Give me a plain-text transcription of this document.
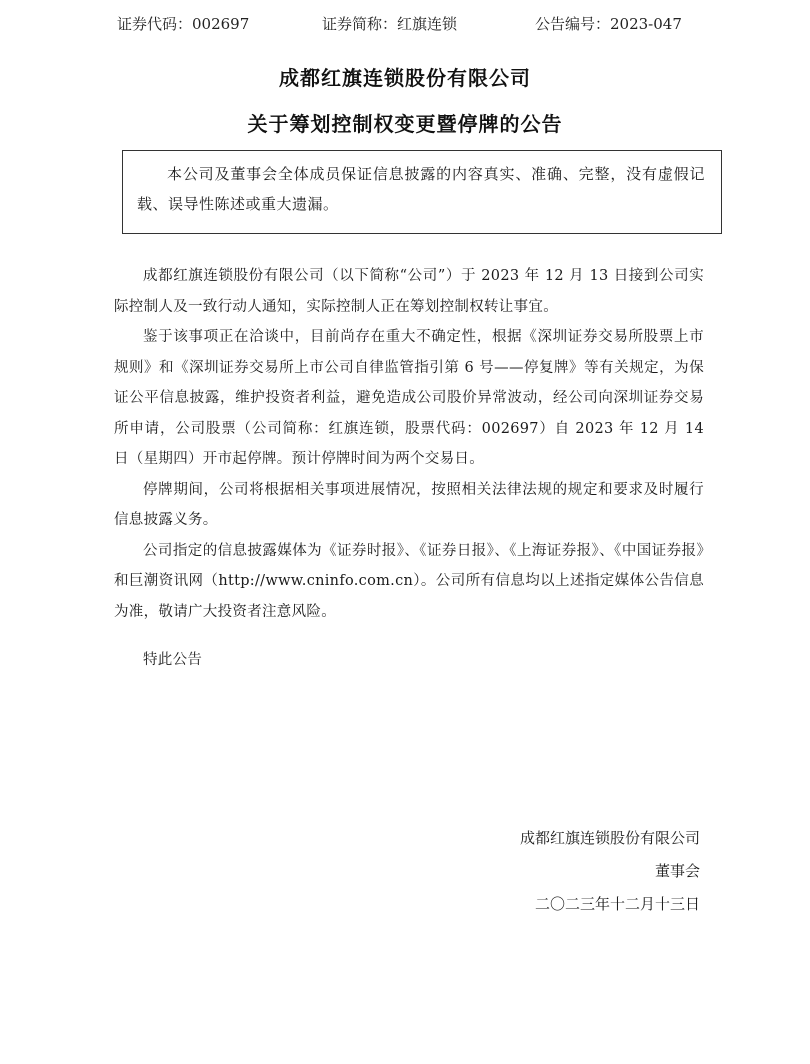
证券代码：002697	证券简称：红旗连锁	公告编号：2023-047
成都红旗连锁股份有限公司
关于筹划控制权变更暨停牌的公告
本公司及董事会全体成员保证信息披露的内容真实、准确、完整，没有虚假记载、误导性陈述或重大遗漏。

成都红旗连锁股份有限公司（以下简称“公司”）于 2023 年 12 月 13 日接到公司实际控制人及一致行动人通知，实际控制人正在筹划控制权转让事宜。

鉴于该事项正在洽谈中，目前尚存在重大不确定性，根据《深圳证券交易所股票上市规则》和《深圳证券交易所上市公司自律监管指引第 6 号——停复牌》等有关规定，为保证公平信息披露，维护投资者利益，避免造成公司股价异常波动，经公司向深圳证券交易所申请，公司股票（公司简称：红旗连锁，股票代码：002697）自 2023 年 12 月 14 日（星期四）开市起停牌。预计停牌时间为两个交易日。

停牌期间，公司将根据相关事项进展情况，按照相关法律法规的规定和要求及时履行信息披露义务。

公司指定的信息披露媒体为《证券时报》、《证券日报》、《上海证券报》、《中国证券报》和巨潮资讯网（http://www.cninfo.com.cn）。公司所有信息均以上述指定媒体公告信息为准，敬请广大投资者注意风险。

特此公告

成都红旗连锁股份有限公司
董事会
二〇二三年十二月十三日
